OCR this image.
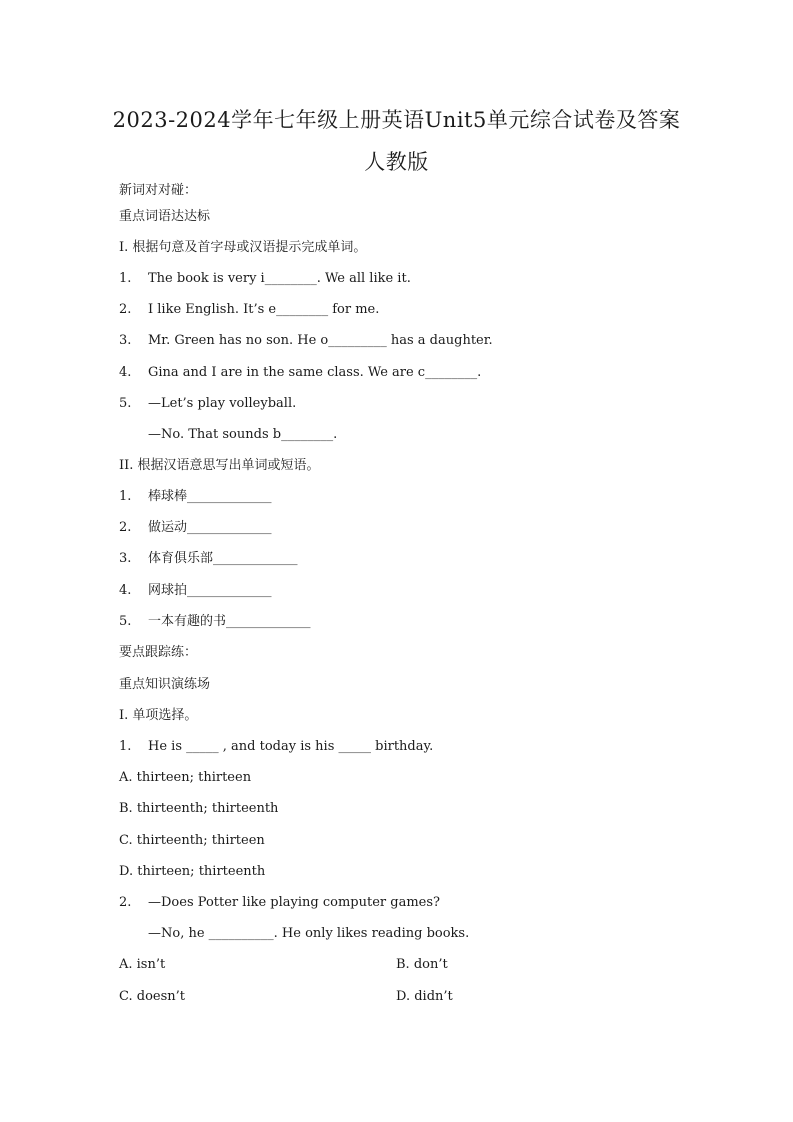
2023-2024学年七年级上册英语Unit5单元综合试卷及答案
人教版
新词对对碰：
重点词语达达标
I. 根据句意及首字母或汉语提示完成单词。
1. The book is very i________. We all like it.
2. I like English. It’s e________ for me.
3. Mr. Green has no son. He o_________ has a daughter.
4. Gina and I are in the same class. We are c________.
5. —Let’s play volleyball.
—No. That sounds b________.
II. 根据汉语意思写出单词或短语。
1. 棒球棒_____________
2. 做运动_____________
3. 体育俱乐部_____________
4. 网球拍_____________
5. 一本有趣的书_____________
要点跟踪练：
重点知识演练场
I. 单项选择。
1. He is _____ , and today is his _____ birthday.
A. thirteen; thirteen
B. thirteenth; thirteenth
C. thirteenth; thirteen
D. thirteen; thirteenth
2. —Does Potter like playing computer games?
—No, he __________. He only likes reading books.
A. isn’t	B. don’t
C. doesn’t	D. didn’t
